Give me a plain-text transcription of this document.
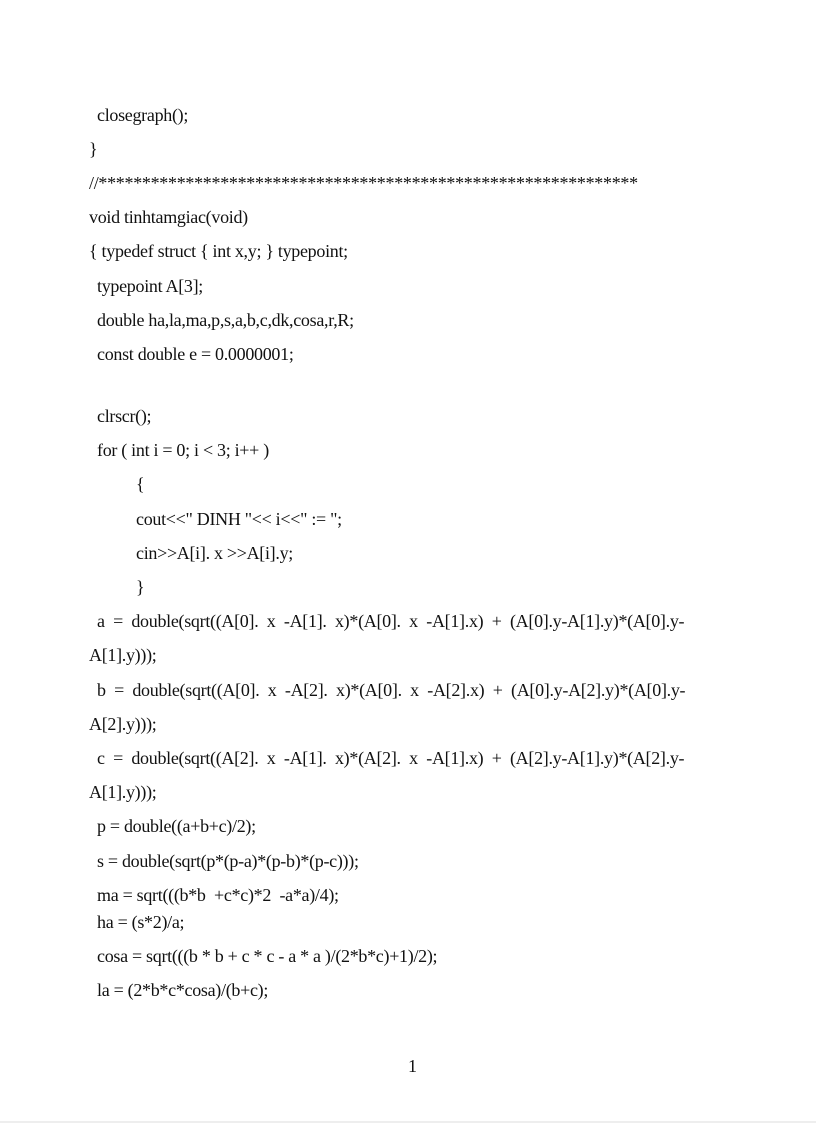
closegraph();
}
//**************************************************************
void tinhtamgiac(void)
{ typedef struct { int x,y; } typepoint;
typepoint A[3];
double ha,la,ma,p,s,a,b,c,dk,cosa,r,R;
const double e = 0.0000001;
clrscr();
for ( int i = 0; i < 3; i++ )
{
cout<<" DINH "<< i<<" := ";
cin>>A[i]. x >>A[i].y;
}
a  =  double(sqrt((A[0].  x  -A[1].  x)*(A[0].  x  -A[1].x)  +  (A[0].y-A[1].y)*(A[0].y-
A[1].y)));
b  =  double(sqrt((A[0].  x  -A[2].  x)*(A[0].  x  -A[2].x)  +  (A[0].y-A[2].y)*(A[0].y-
A[2].y)));
c  =  double(sqrt((A[2].  x  -A[1].  x)*(A[2].  x  -A[1].x)  +  (A[2].y-A[1].y)*(A[2].y-
A[1].y)));
p = double((a+b+c)/2);
s = double(sqrt(p*(p-a)*(p-b)*(p-c)));
ma = sqrt(((b*b  +c*c)*2  -a*a)/4);
ha = (s*2)/a;
cosa = sqrt(((b * b + c * c - a * a )/(2*b*c)+1)/2);
la = (2*b*c*cosa)/(b+c);
1
